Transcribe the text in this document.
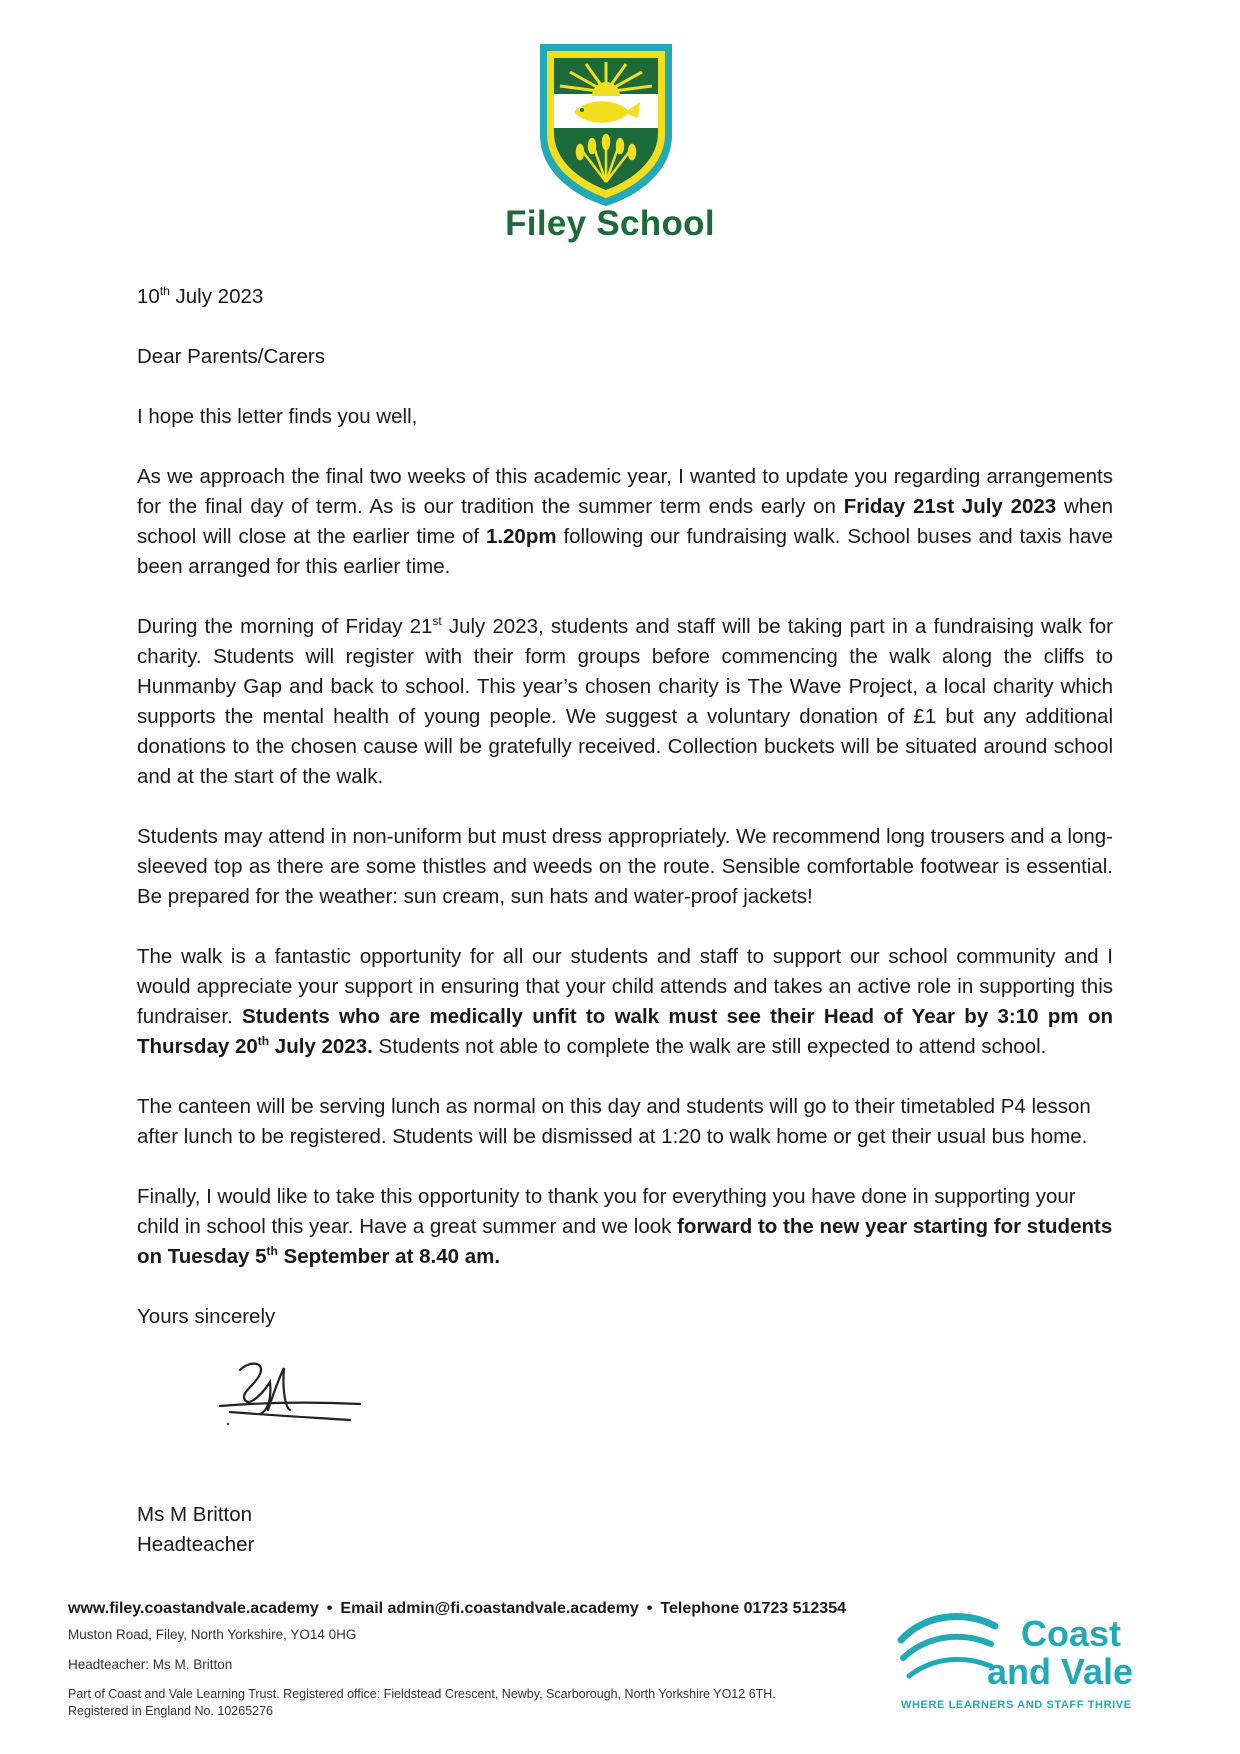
Filey School

10th July 2023

Dear Parents/Carers

I hope this letter finds you well,

As we approach the final two weeks of this academic year, I wanted to update you regarding arrangements for the final day of term. As is our tradition the summer term ends early on Friday 21st July 2023 when school will close at the earlier time of 1.20pm following our fundraising walk. School buses and taxis have been arranged for this earlier time.

During the morning of Friday 21st July 2023, students and staff will be taking part in a fundraising walk for charity. Students will register with their form groups before commencing the walk along the cliffs to Hunmanby Gap and back to school. This year’s chosen charity is The Wave Project, a local charity which supports the mental health of young people. We suggest a voluntary donation of £1 but any additional donations to the chosen cause will be gratefully received. Collection buckets will be situated around school and at the start of the walk.

Students may attend in non-uniform but must dress appropriately. We recommend long trousers and a long-sleeved top as there are some thistles and weeds on the route. Sensible comfortable footwear is essential. Be prepared for the weather: sun cream, sun hats and water-proof jackets!

The walk is a fantastic opportunity for all our students and staff to support our school community and I would appreciate your support in ensuring that your child attends and takes an active role in supporting this fundraiser. Students who are medically unfit to walk must see their Head of Year by 3:10 pm on Thursday 20th July 2023. Students not able to complete the walk are still expected to attend school.

The canteen will be serving lunch as normal on this day and students will go to their timetabled P4 lesson after lunch to be registered. Students will be dismissed at 1:20 to walk home or get their usual bus home.

Finally, I would like to take this opportunity to thank you for everything you have done in supporting your child in school this year. Have a great summer and we look forward to the new year starting for students on Tuesday 5th September at 8.40 am.

Yours sincerely

Ms M Britton
Headteacher
www.filey.coastandvale.academy • Email admin@fi.coastandvale.academy • Telephone 01723 512354
Muston Road, Filey, North Yorkshire, YO14 0HG
Headteacher: Ms M. Britton
Part of Coast and Vale Learning Trust. Registered office: Fieldstead Crescent, Newby, Scarborough, North Yorkshire YO12 6TH.
Registered in England No. 10265276
Coast
and Vale
WHERE LEARNERS AND STAFF THRIVE
